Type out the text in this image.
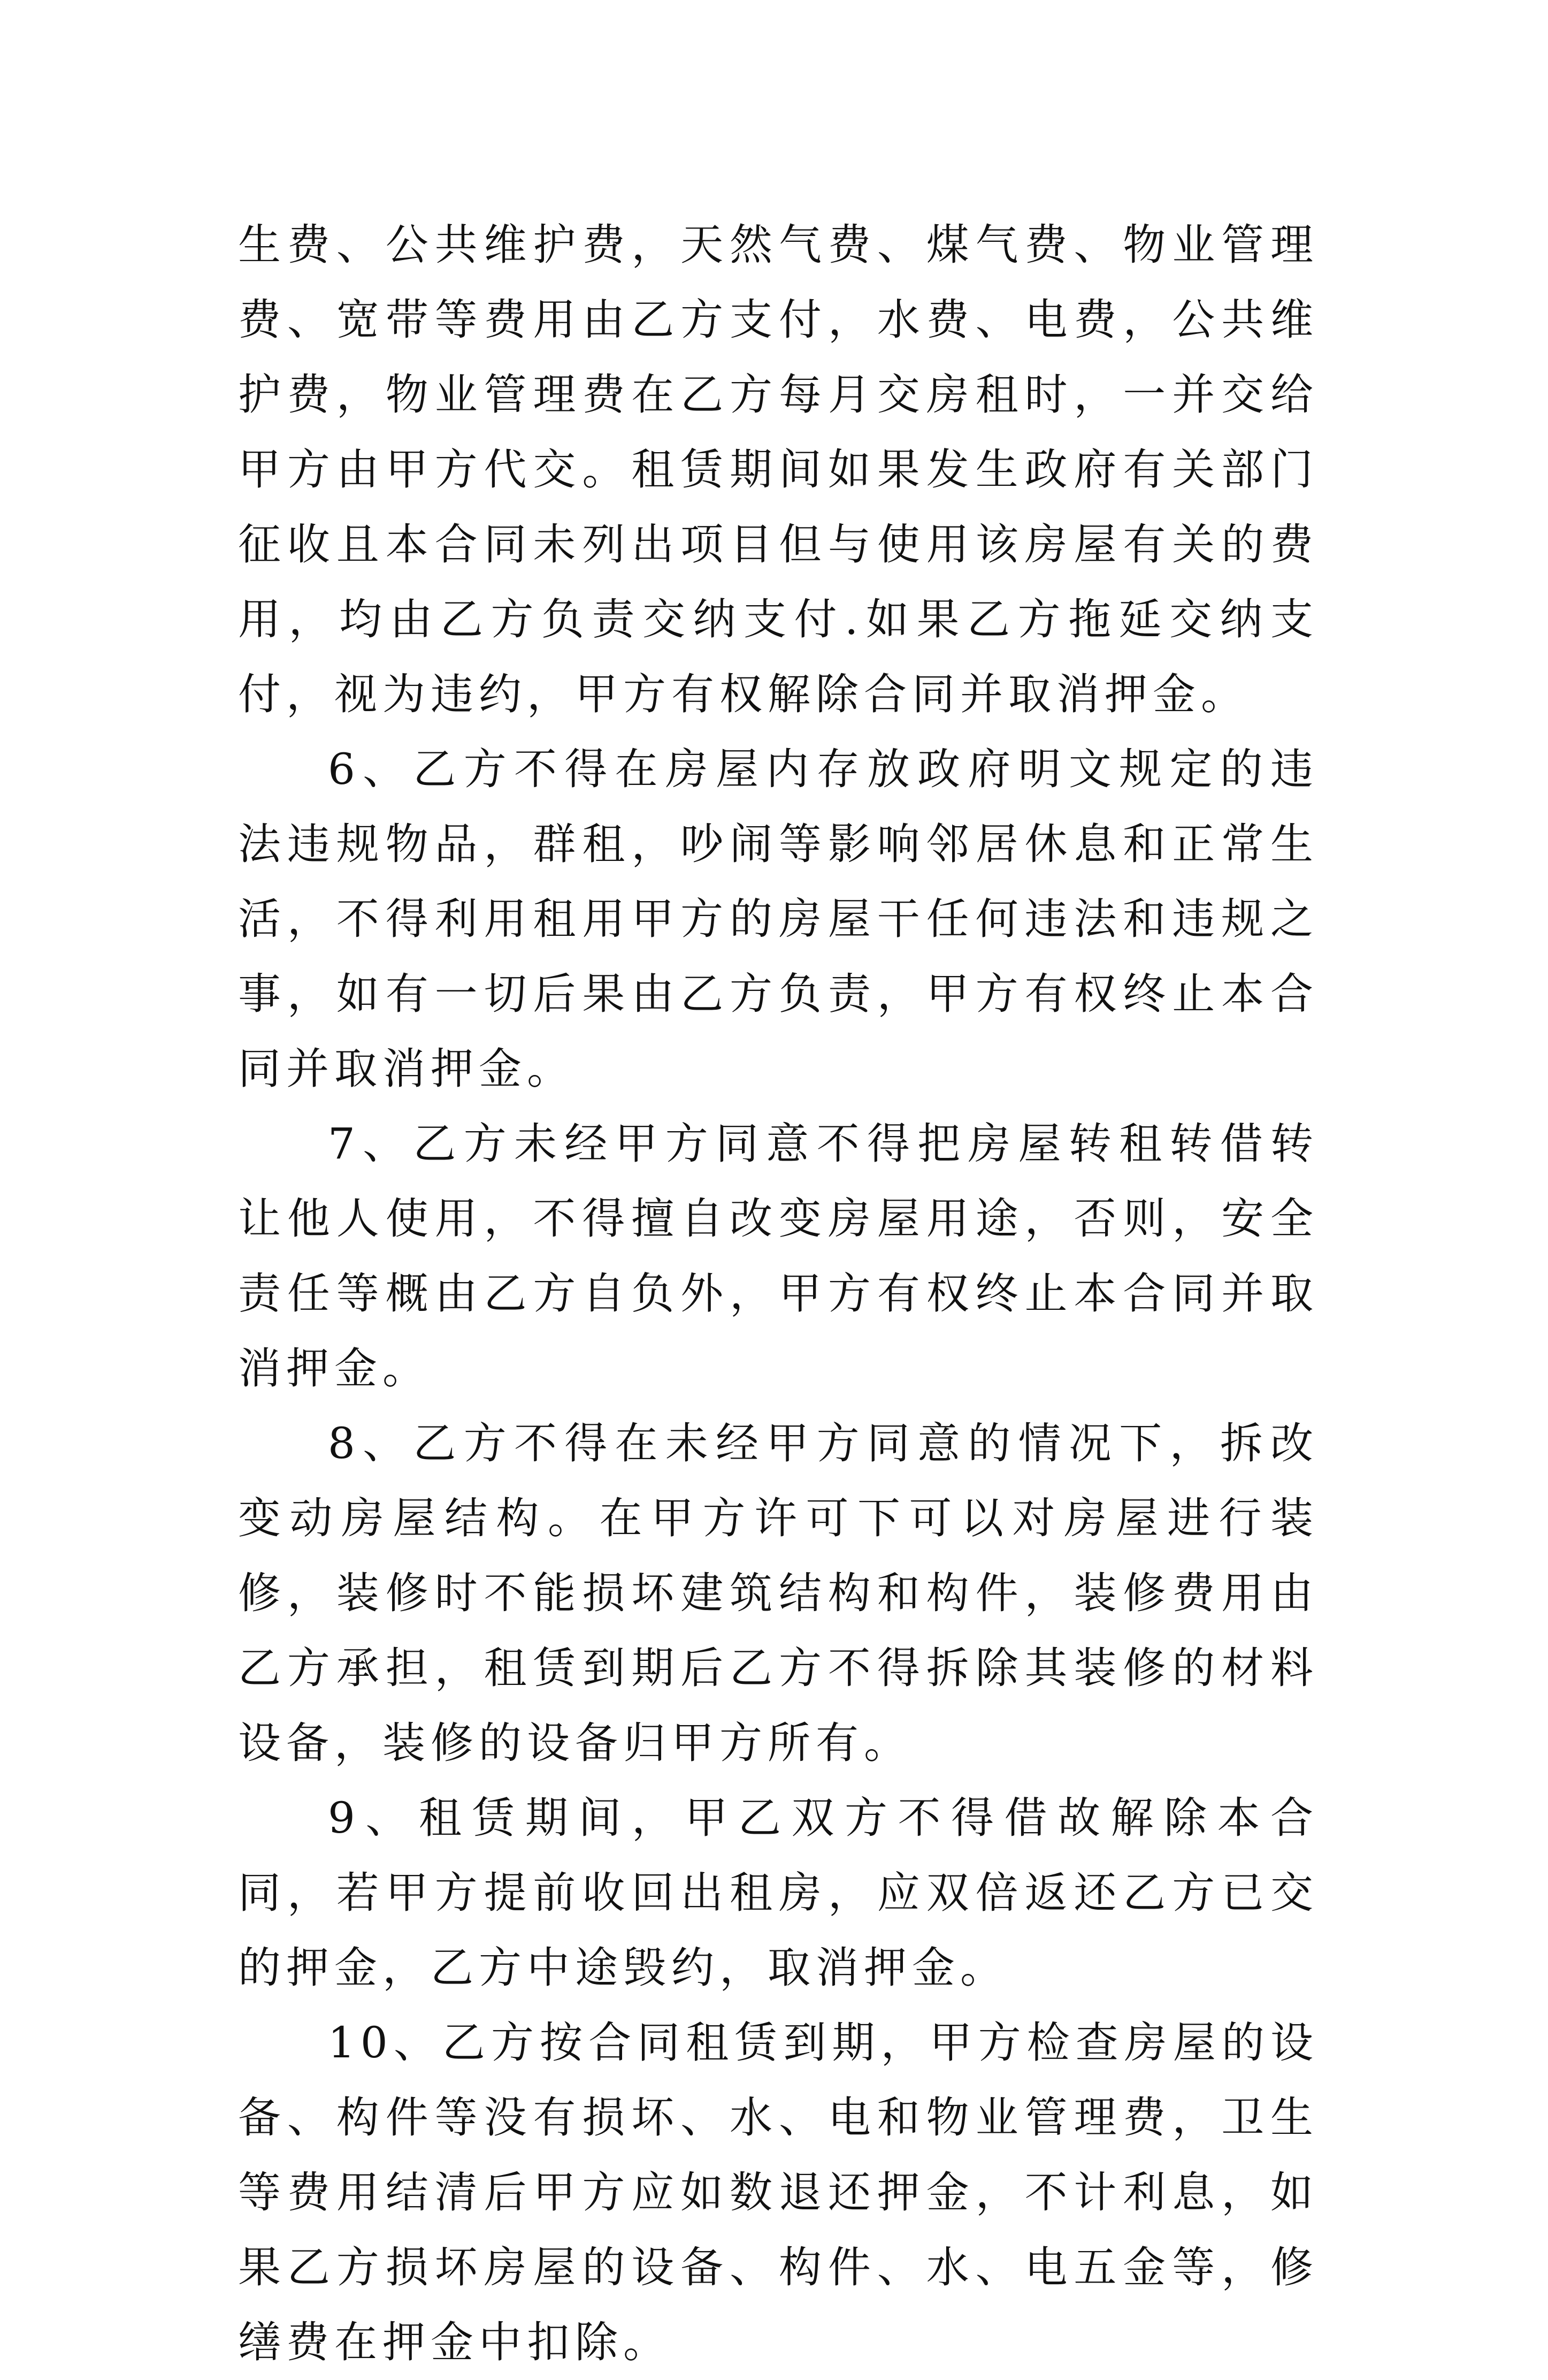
生费、公共维护费，天然气费、煤气费、物业管理费、宽带等费用由乙方支付，水费、电费，公共维护费，物业管理费在乙方每月交房租时，一并交给甲方由甲方代交。租赁期间如果发生政府有关部门征收且本合同未列出项目但与使用该房屋有关的费用，均由乙方负责交纳支付.如果乙方拖延交纳支付，视为违约，甲方有权解除合同并取消押金。

6、乙方不得在房屋内存放政府明文规定的违法违规物品，群租，吵闹等影响邻居休息和正常生活，不得利用租用甲方的房屋干任何违法和违规之事，如有一切后果由乙方负责，甲方有权终止本合同并取消押金。

7、乙方未经甲方同意不得把房屋转租转借转让他人使用，不得擅自改变房屋用途，否则，安全责任等概由乙方自负外，甲方有权终止本合同并取消押金。

8、乙方不得在未经甲方同意的情况下，拆改变动房屋结构。在甲方许可下可以对房屋进行装修，装修时不能损坏建筑结构和构件，装修费用由乙方承担，租赁到期后乙方不得拆除其装修的材料设备，装修的设备归甲方所有。

9、租赁期间，甲乙双方不得借故解除本合同，若甲方提前收回出租房，应双倍返还乙方已交的押金，乙方中途毁约，取消押金。

10、乙方按合同租赁到期，甲方检查房屋的设备、构件等没有损坏、水、电和物业管理费，卫生等费用结清后甲方应如数退还押金，不计利息，如果乙方损坏房屋的设备、构件、水、电五金等，修缮费在押金中扣除。
